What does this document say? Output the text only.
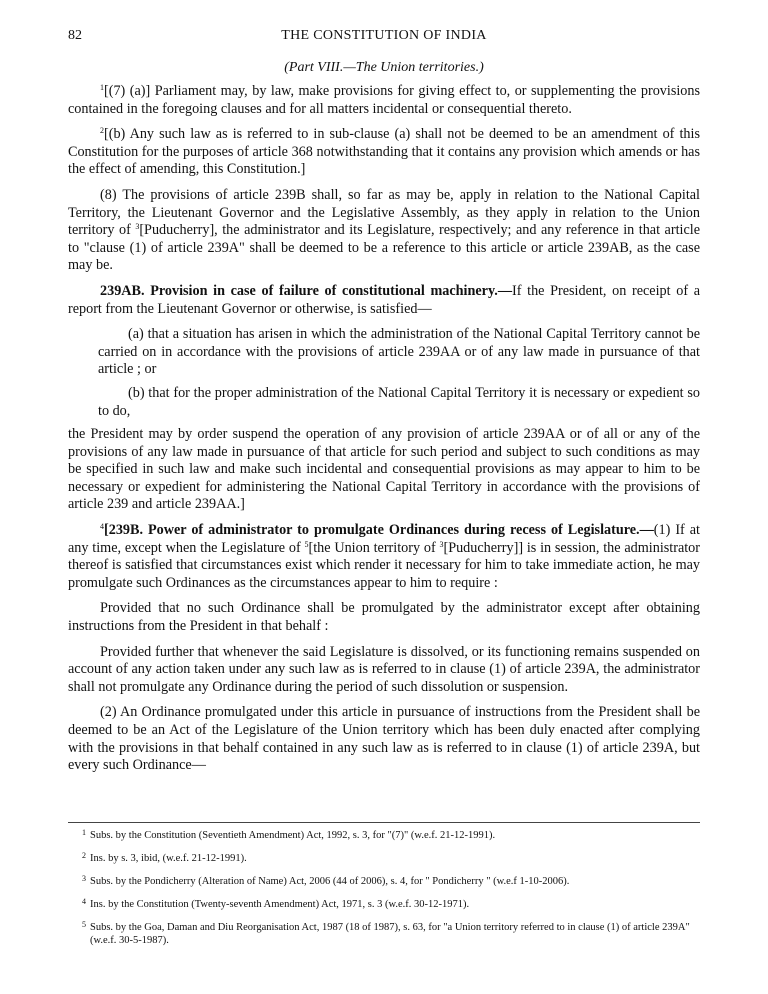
82	THE CONSTITUTION OF INDIA
(Part VIII.—The Union territories.)

$^1$[(7) (a)] Parliament may, by law, make provisions for giving effect to, or supplementing the provisions contained in the foregoing clauses and for all matters incidental or consequential thereto.

$^2$[(b) Any such law as is referred to in sub-clause (a) shall not be deemed to be an amendment of this Constitution for the purposes of article 368 notwithstanding that it contains any provision which amends or has the effect of amending, this Constitution.]

(8) The provisions of article 239B shall, so far as may be, apply in relation to the National Capital Territory, the Lieutenant Governor and the Legislative Assembly, as they apply in relation to the Union territory of $^3$[Puducherry], the administrator and its Legislature, respectively; and any reference in that article to "clause (1) of article 239A" shall be deemed to be a reference to this article or article 239AB, as the case may be.

239AB. Provision in case of failure of constitutional machinery.—If the President, on receipt of a report from the Lieutenant Governor or otherwise, is satisfied—

(a) that a situation has arisen in which the administration of the National Capital Territory cannot be carried on in accordance with the provisions of article 239AA or of any law made in pursuance of that article ; or

(b) that for the proper administration of the National Capital Territory it is necessary or expedient so to do,

the President may by order suspend the operation of any provision of article 239AA or of all or any of the provisions of any law made in pursuance of that article for such period and subject to such conditions as may be specified in such law and make such incidental and consequential provisions as may appear to him to be necessary or expedient for administering the National Capital Territory in accordance with the provisions of article 239 and article 239AA.]

$^4$[239B. Power of administrator to promulgate Ordinances during recess of Legislature.—(1) If at any time, except when the Legislature of $^5$[the Union territory of $^3$[Puducherry]] is in session, the administrator thereof is satisfied that circumstances exist which render it necessary for him to take immediate action, he may promulgate such Ordinances as the circumstances appear to him to require :

Provided that no such Ordinance shall be promulgated by the administrator except after obtaining instructions from the President in that behalf :

Provided further that whenever the said Legislature is dissolved, or its functioning remains suspended on account of any action taken under any such law as is referred to in clause (1) of article 239A, the administrator shall not promulgate any Ordinance during the period of such dissolution or suspension.

(2) An Ordinance promulgated under this article in pursuance of instructions from the President shall be deemed to be an Act of the Legislature of the Union territory which has been duly enacted after complying with the provisions in that behalf contained in any such law as is referred to in clause (1) of article 239A, but every such Ordinance—

1 Subs. by the Constitution (Seventieth Amendment) Act, 1992, s. 3, for "(7)" (w.e.f. 21-12-1991).

2 Ins. by s. 3, ibid, (w.e.f. 21-12-1991).

3 Subs. by the Pondicherry (Alteration of Name) Act, 2006 (44 of 2006), s. 4, for " Pondicherry " (w.e.f 1-10-2006).

4 Ins. by the Constitution (Twenty-seventh Amendment) Act, 1971, s. 3 (w.e.f. 30-12-1971).

5 Subs. by the Goa, Daman and Diu Reorganisation Act, 1987 (18 of 1987), s. 63, for "a Union territory referred to in clause (1) of article 239A" (w.e.f. 30-5-1987).
